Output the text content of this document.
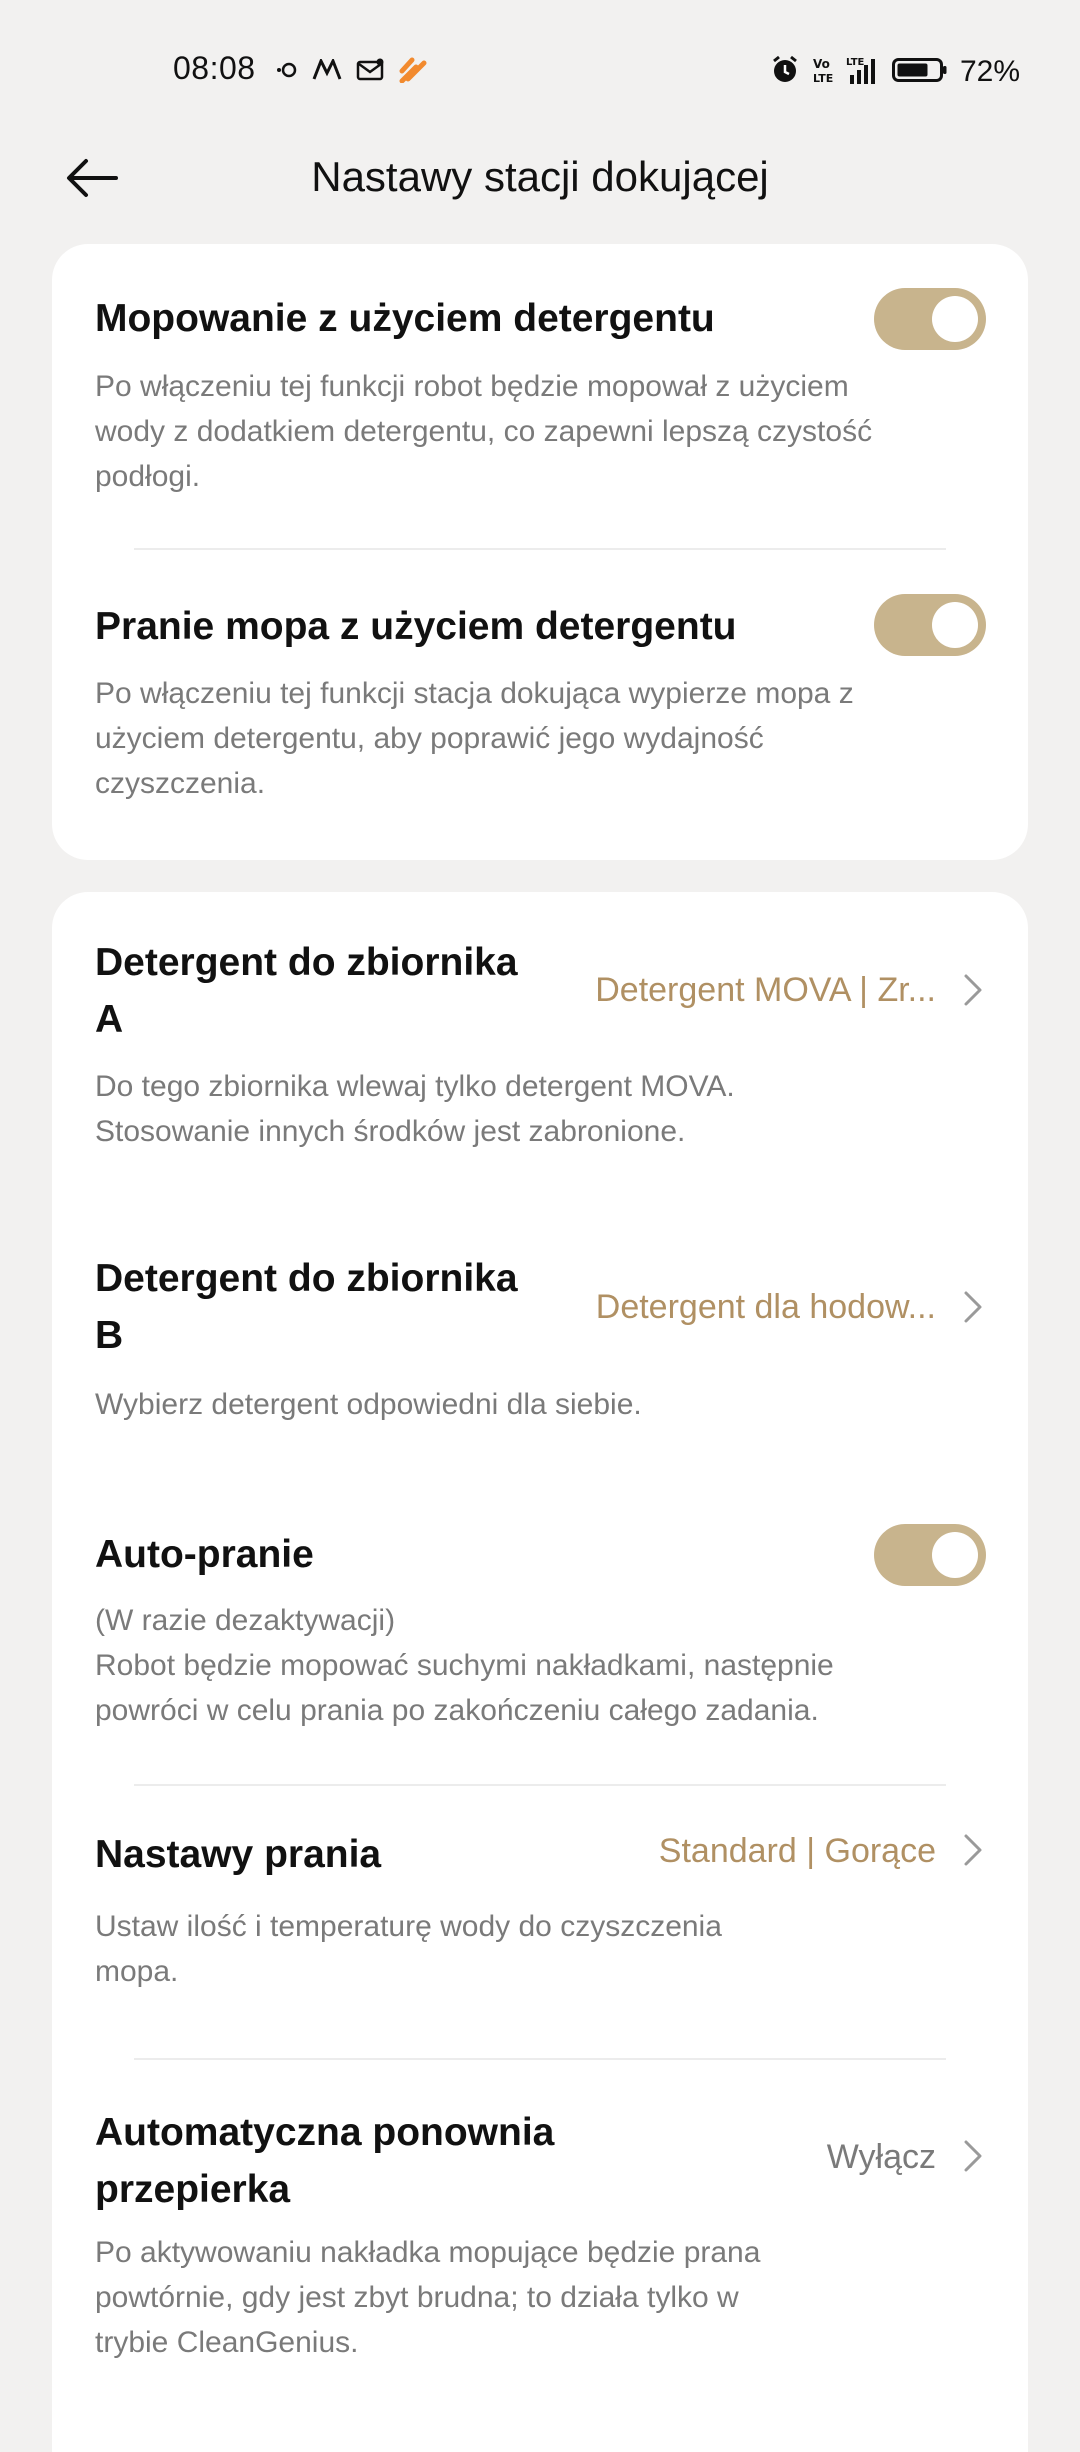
08:08	Vo
LTE
LTE	72%
Nastawy stacji dokującej
Mopowanie z użyciem detergentu
Po włączeniu tej funkcji robot będzie mopował z użyciem wody z dodatkiem detergentu, co zapewni lepszą czystość podłogi.
Pranie mopa z użyciem detergentu
Po włączeniu tej funkcji stacja dokująca wypierze mopa z użyciem detergentu, aby poprawić jego wydajność czyszczenia.
Detergent do zbiornika A
Detergent MOVA | Zr...
Do tego zbiornika wlewaj tylko detergent MOVA. Stosowanie innych środków jest zabronione.
Detergent do zbiornika B
Detergent dla hodow...
Wybierz detergent odpowiedni dla siebie.
Auto-pranie
(W razie dezaktywacji)
Robot będzie mopować suchymi nakładkami, następnie powróci w celu prania po zakończeniu całego zadania.
Nastawy prania	Standard | Gorące
Ustaw ilość i temperaturę wody do czyszczenia mopa.
Automatyczna ponownia przepierka
Wyłącz
Po aktywowaniu nakładka mopujące będzie prana powtórnie, gdy jest zbyt brudna; to działa tylko w trybie CleanGenius.
